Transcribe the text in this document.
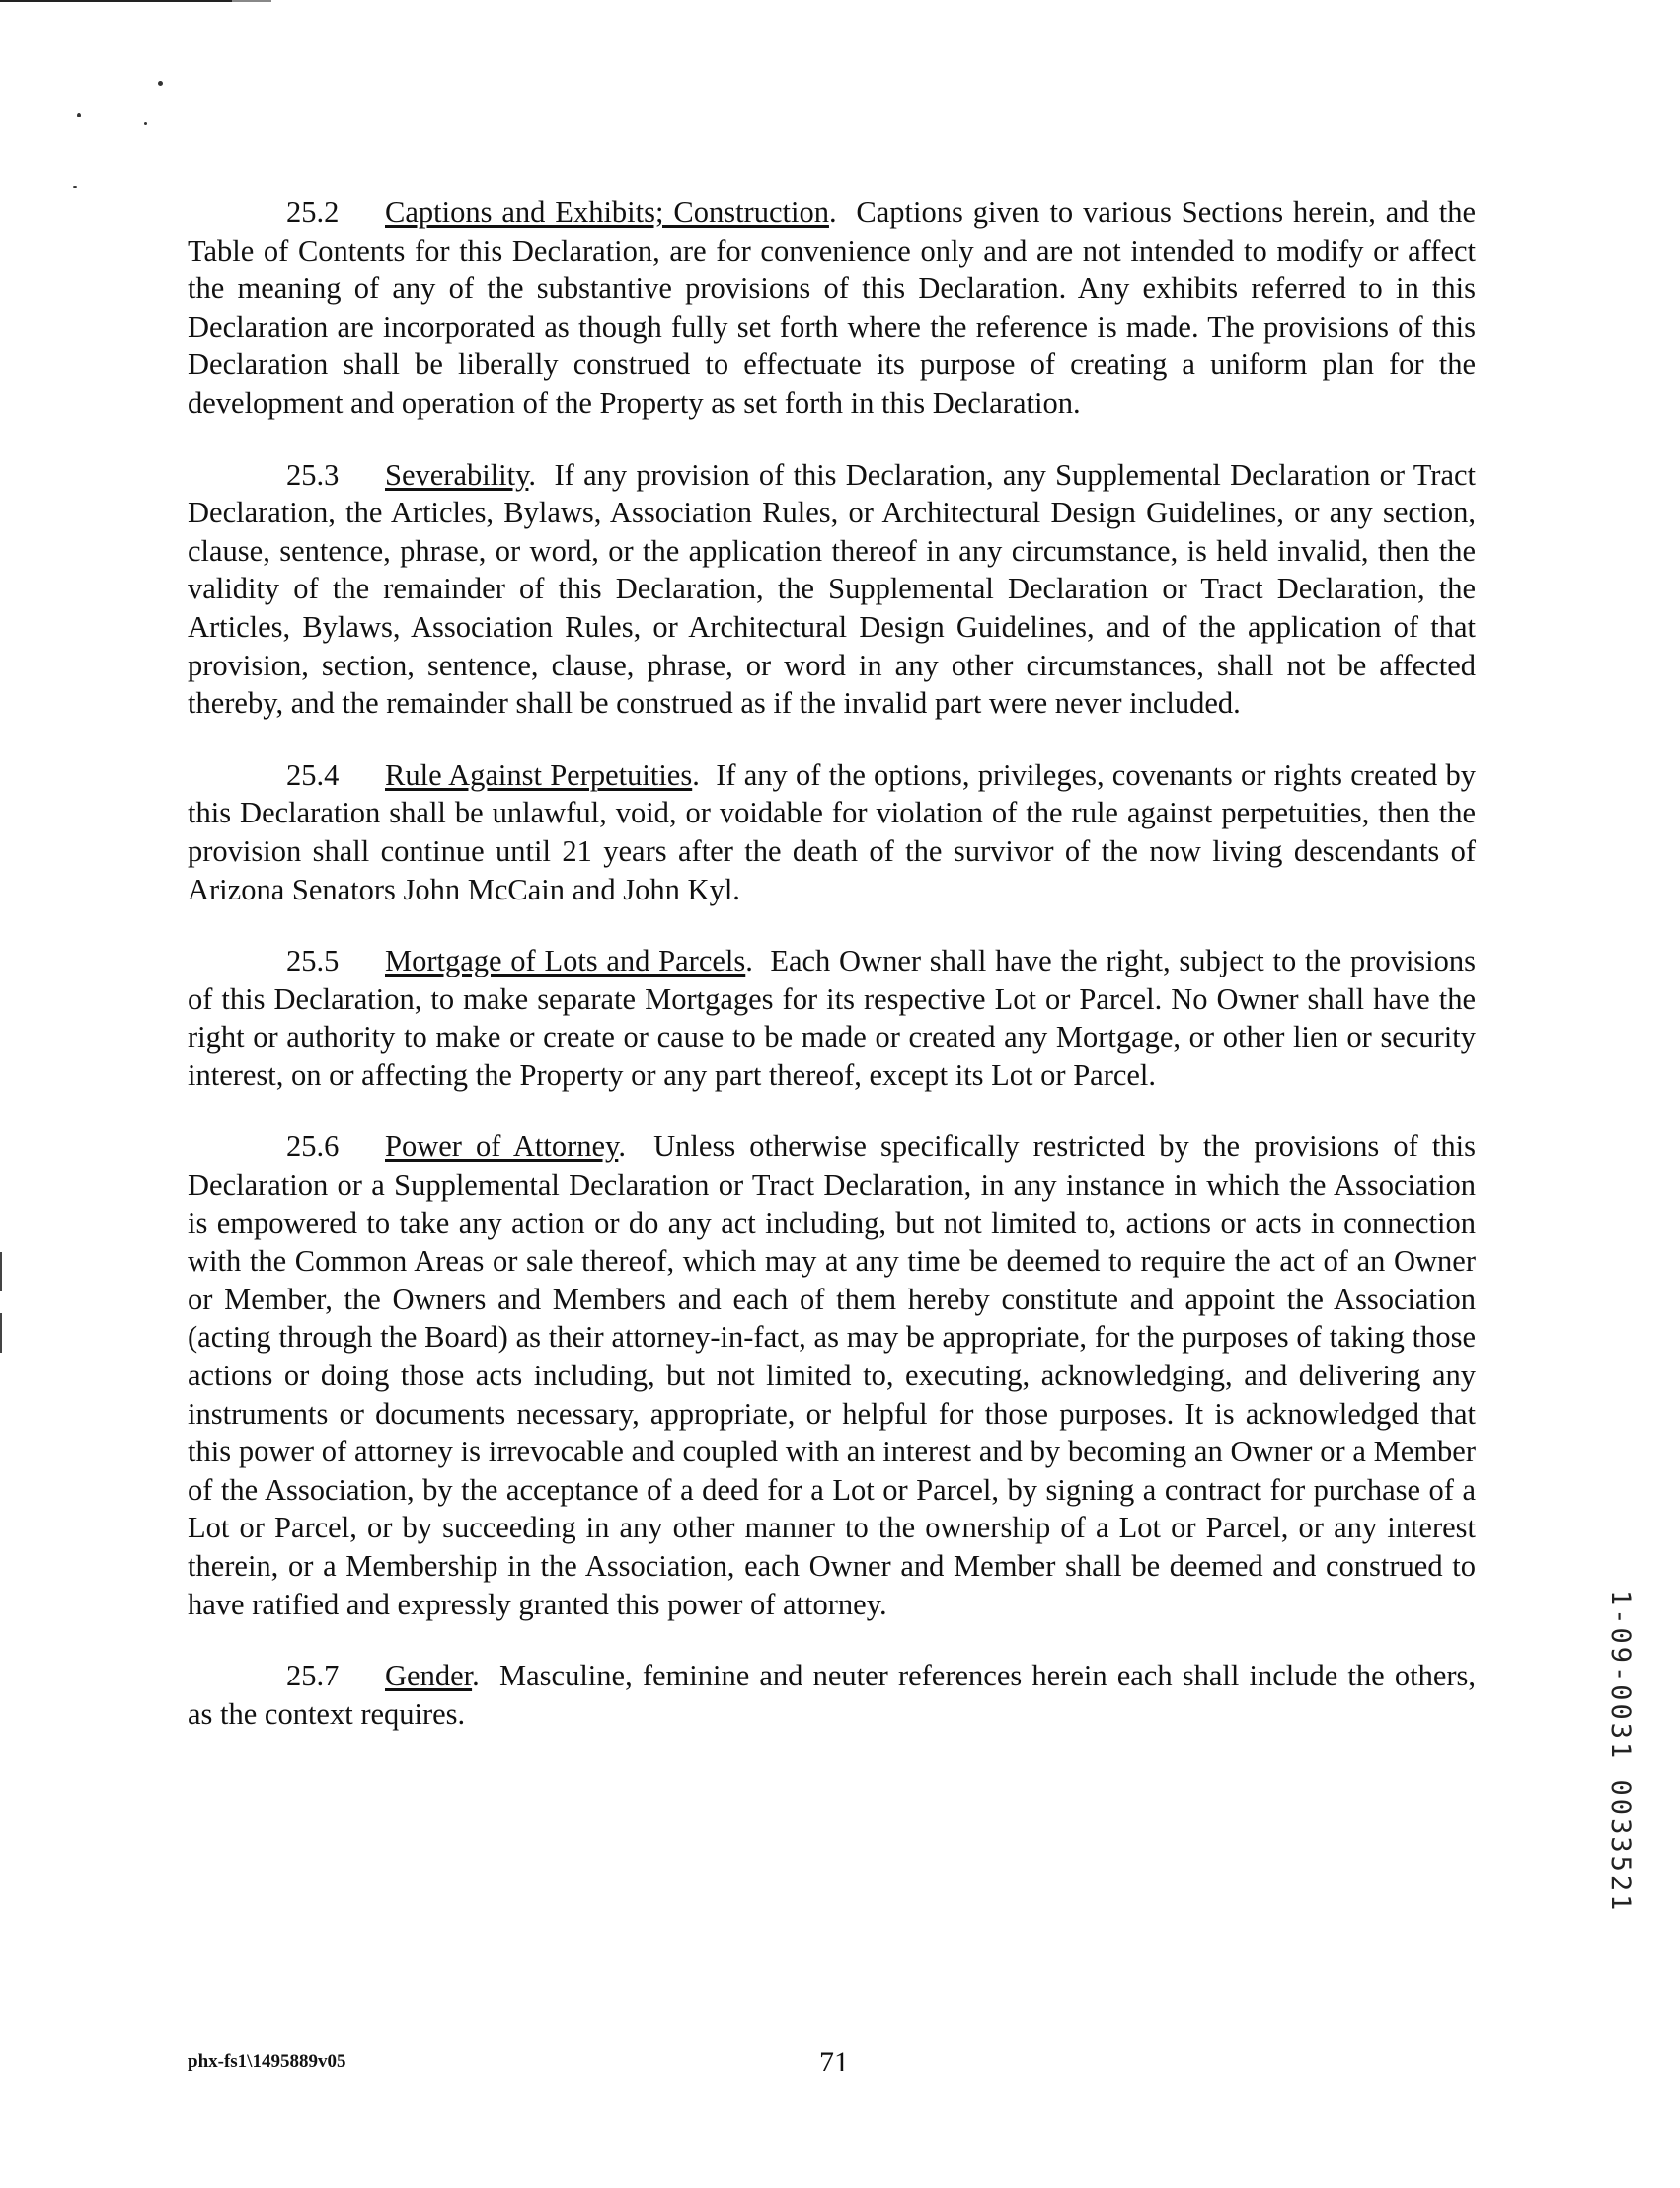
25.2 Captions and Exhibits; Construction.  Captions given to various Sections herein, and the Table of Contents for this Declaration, are for convenience only and are not intended to modify or affect the meaning of any of the substantive provisions of this Declaration. Any exhibits referred to in this Declaration are incorporated as though fully set forth where the reference is made. The provisions of this Declaration shall be liberally construed to effectuate its purpose of creating a uniform plan for the development and operation of the Property as set forth in this Declaration.

25.3 Severability.  If any provision of this Declaration, any Supplemental Declaration or Tract Declaration, the Articles, Bylaws, Association Rules, or Architectural Design Guidelines, or any section, clause, sentence, phrase, or word, or the application thereof in any circumstance, is held invalid, then the validity of the remainder of this Declaration, the Supplemental Declaration or Tract Declaration, the Articles, Bylaws, Association Rules, or Architectural Design Guidelines, and of the application of that provision, section, sentence, clause, phrase, or word in any other circumstances, shall not be affected thereby, and the remainder shall be construed as if the invalid part were never included.

25.4 Rule Against Perpetuities.  If any of the options, privileges, covenants or rights created by this Declaration shall be unlawful, void, or voidable for violation of the rule against perpetuities, then the provision shall continue until 21 years after the death of the survivor of the now living descendants of Arizona Senators John McCain and John Kyl.

25.5 Mortgage of Lots and Parcels.  Each Owner shall have the right, subject to the provisions of this Declaration, to make separate Mortgages for its respective Lot or Parcel. No Owner shall have the right or authority to make or create or cause to be made or created any Mortgage, or other lien or security interest, on or affecting the Property or any part thereof, except its Lot or Parcel.

25.6 Power of Attorney.  Unless otherwise specifically restricted by the provisions of this Declaration or a Supplemental Declaration or Tract Declaration, in any instance in which the Association is empowered to take any action or do any act including, but not limited to, actions or acts in connection with the Common Areas or sale thereof, which may at any time be deemed to require the act of an Owner or Member, the Owners and Members and each of them hereby constitute and appoint the Association (acting through the Board) as their attorney-in-fact, as may be appropriate, for the purposes of taking those actions or doing those acts including, but not limited to, executing, acknowledging, and delivering any instruments or documents necessary, appropriate, or helpful for those purposes. It is acknowledged that this power of attorney is irrevocable and coupled with an interest and by becoming an Owner or a Member of the Association, by the acceptance of a deed for a Lot or Parcel, by signing a contract for purchase of a Lot or Parcel, or by succeeding in any other manner to the ownership of a Lot or Parcel, or any interest therein, or a Membership in the Association, each Owner and Member shall be deemed and construed to have ratified and expressly granted this power of attorney.

25.7 Gender.  Masculine, feminine and neuter references herein each shall include the others, as the context requires.

phx-fs1\1495889v05	71
1-09-0031 0033521
